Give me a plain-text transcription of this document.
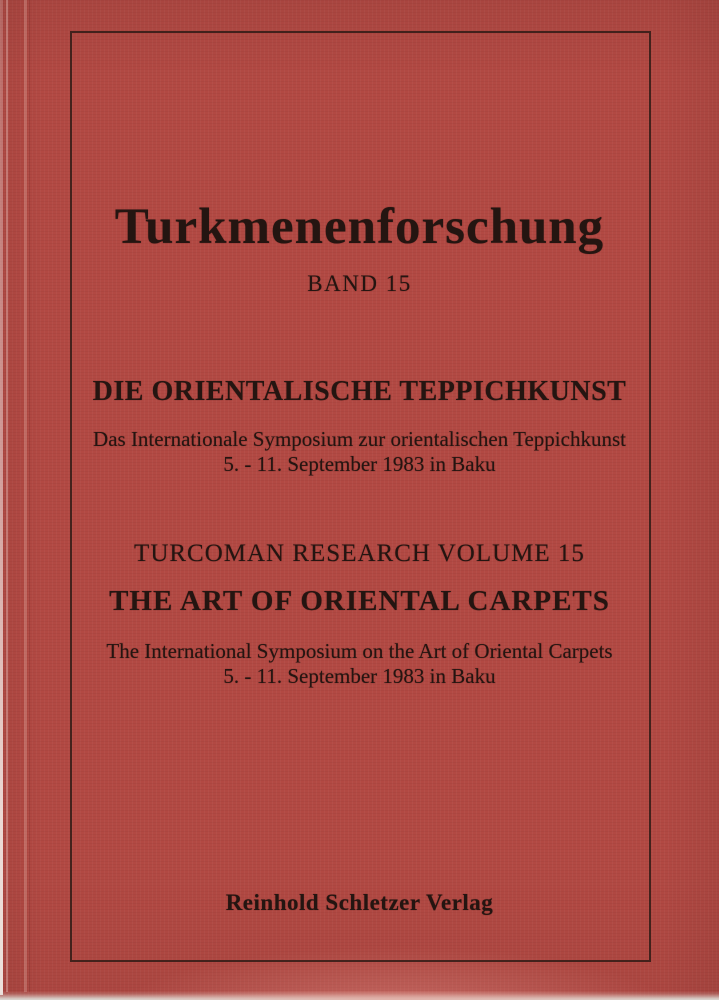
Turkmenenforschung
BAND 15
DIE ORIENTALISCHE TEPPICHKUNST
Das Internationale Symposium zur orientalischen Teppichkunst
5. - 11. September 1983 in Baku
TURCOMAN RESEARCH VOLUME 15
THE ART OF ORIENTAL CARPETS
The International Symposium on the Art of Oriental Carpets
5. - 11. September 1983 in Baku
Reinhold Schletzer Verlag
